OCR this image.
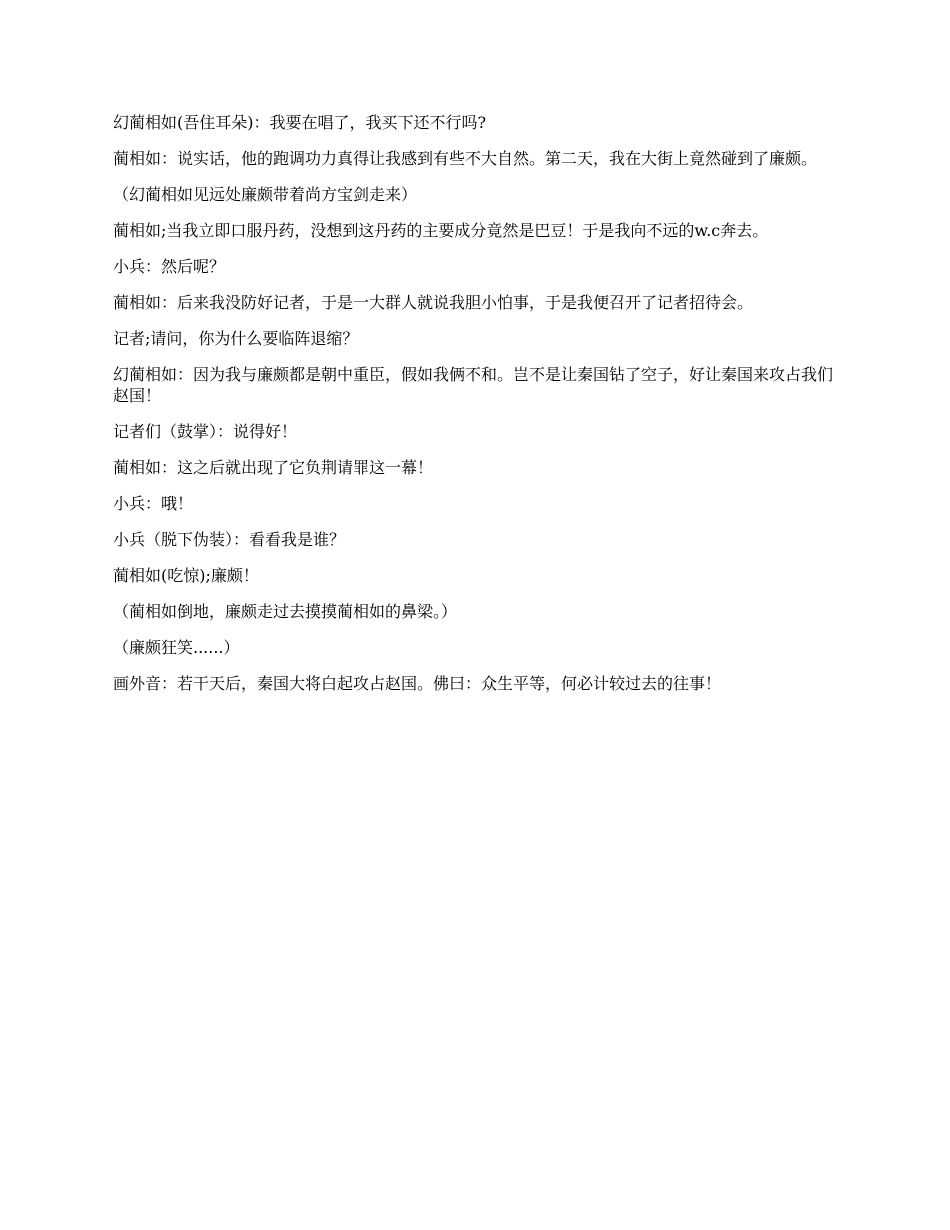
幻蔺相如(吾住耳朵)：我要在唱了，我买下还不行吗?

蔺相如：说实话，他的跑调功力真得让我感到有些不大自然。第二天，我在大街上竟然碰到了廉颇。

（幻蔺相如见远处廉颇带着尚方宝剑走来）

蔺相如;当我立即口服丹药，没想到这丹药的主要成分竟然是巴豆！于是我向不远的w.c奔去。

小兵：然后呢？

蔺相如：后来我没防好记者，于是一大群人就说我胆小怕事，于是我便召开了记者招待会。

记者;请问，你为什么要临阵退缩？

幻蔺相如：因为我与廉颇都是朝中重臣，假如我俩不和。岂不是让秦国钻了空子，好让秦国来攻占我们赵国！

记者们（鼓掌）：说得好！

蔺相如：这之后就出现了它负荆请罪这一幕！

小兵：哦！

小兵（脱下伪装）：看看我是谁？

蔺相如(吃惊);廉颇！

（蔺相如倒地，廉颇走过去摸摸蔺相如的鼻梁。）

（廉颇狂笑......）

画外音：若干天后，秦国大将白起攻占赵国。佛曰：众生平等，何必计较过去的往事！
